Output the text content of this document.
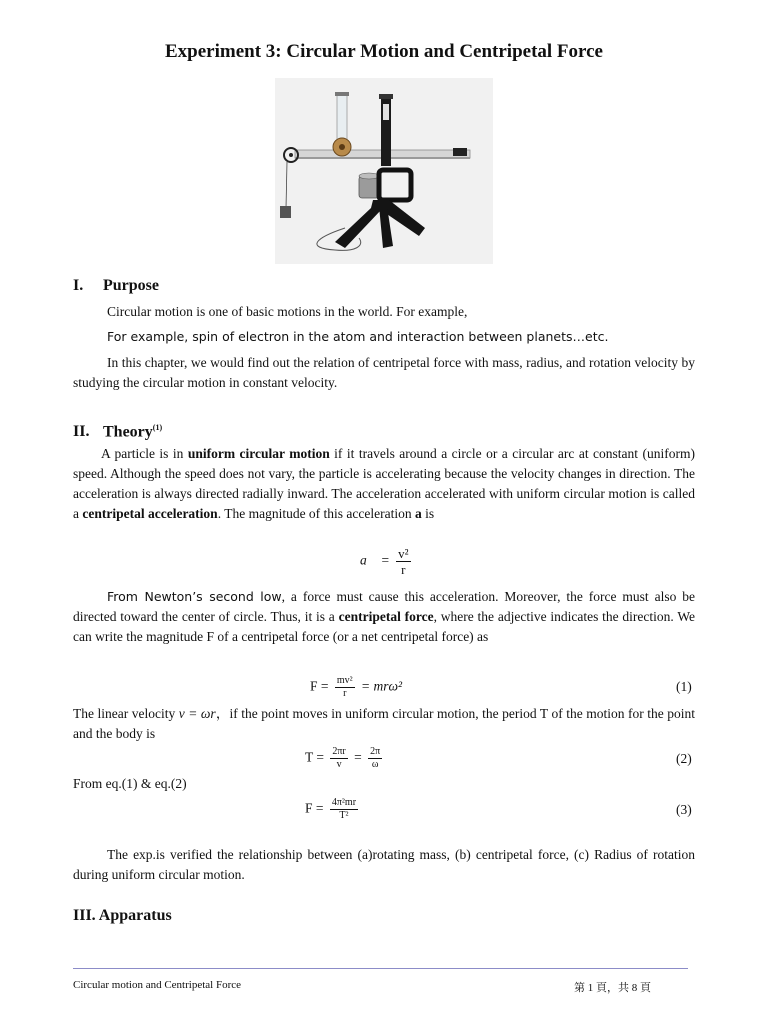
Experiment 3: Circular Motion and Centripetal Force
I. Purpose
Circular motion is one of basic motions in the world. For example,
For example, spin of electron in the atom and interaction between planets…etc.
In this chapter, we would find out the relation of centripetal force with mass, radius, and rotation velocity by studying the circular motion in constant velocity.
II. Theory$^{(1)}$
A particle is in uniform circular motion if it travels around a circle or a circular arc at constant (uniform) speed. Although the speed does not vary, the particle is accelerating because the velocity changes in direction. The acceleration is always directed radially inward. The acceleration accelerated with uniform circular motion is called a centripetal acceleration. The magnitude of this acceleration a is
a⃗ = $\frac{\text{v²}}{r}$
From Newton’s second low, a force must cause this acceleration. Moreover, the force must also be directed toward the center of circle. Thus, it is a centripetal force, where the adjective indicates the direction. We can write the magnitude F of a centripetal force (or a net centripetal force) as
$F = \frac{\text{mv²}}{r} = mr\omega^2$	(1)
The linear velocity v = ωr，if the point moves in uniform circular motion, the period T of the motion for the point and the body is
$T = \frac{2\pi r}{v} = \frac{2\pi}{\omega}$	(2)
From eq.(1) & eq.(2)
$F = \frac{\text{4π²mr}}{\text{T²}}$	(3)
The exp.is verified the relationship between (a)rotating mass, (b) centripetal force, (c) Radius of rotation during uniform circular motion.
III. Apparatus
Circular motion and Centripetal Force	第 1 頁，共 8 頁
